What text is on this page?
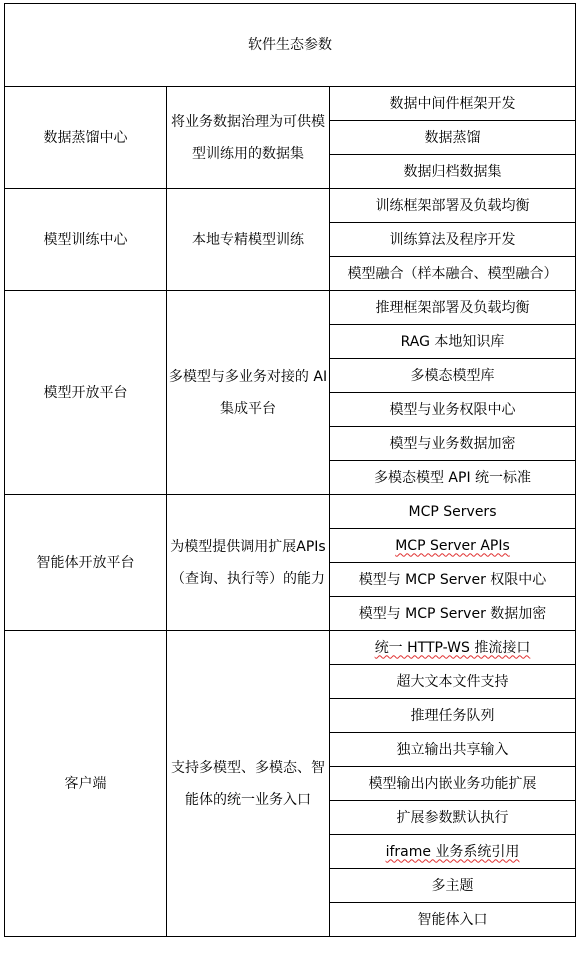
软件生态参数		
数据蒸馏中心	将业务数据治理为可供模型训练用的数据集	数据中间件框架开发
		数据蒸馏
		数据归档数据集
模型训练中心	本地专精模型训练	训练框架部署及负载均衡
		训练算法及程序开发
		模型融合（样本融合、模型融合）
模型开放平台	多模型与多业务对接的 AI 集成平台	推理框架部署及负载均衡
		RAG 本地知识库
		多模态模型库
		模型与业务权限中心
		模型与业务数据加密
		多模态模型 API 统一标准
智能体开放平台	为模型提供调用扩展APIs（查询、执行等）的能力	MCP Servers
		MCP Server APIs
		模型与 MCP Server 权限中心
		模型与 MCP Server 数据加密
客户端	支持多模型、多模态、智能体的统一业务入口	统一 HTTP-WS 推流接口
		超大文本文件支持
		推理任务队列
		独立输出共享输入
		模型输出内嵌业务功能扩展
		扩展参数默认执行
		iframe 业务系统引用
		多主题
		智能体入口
